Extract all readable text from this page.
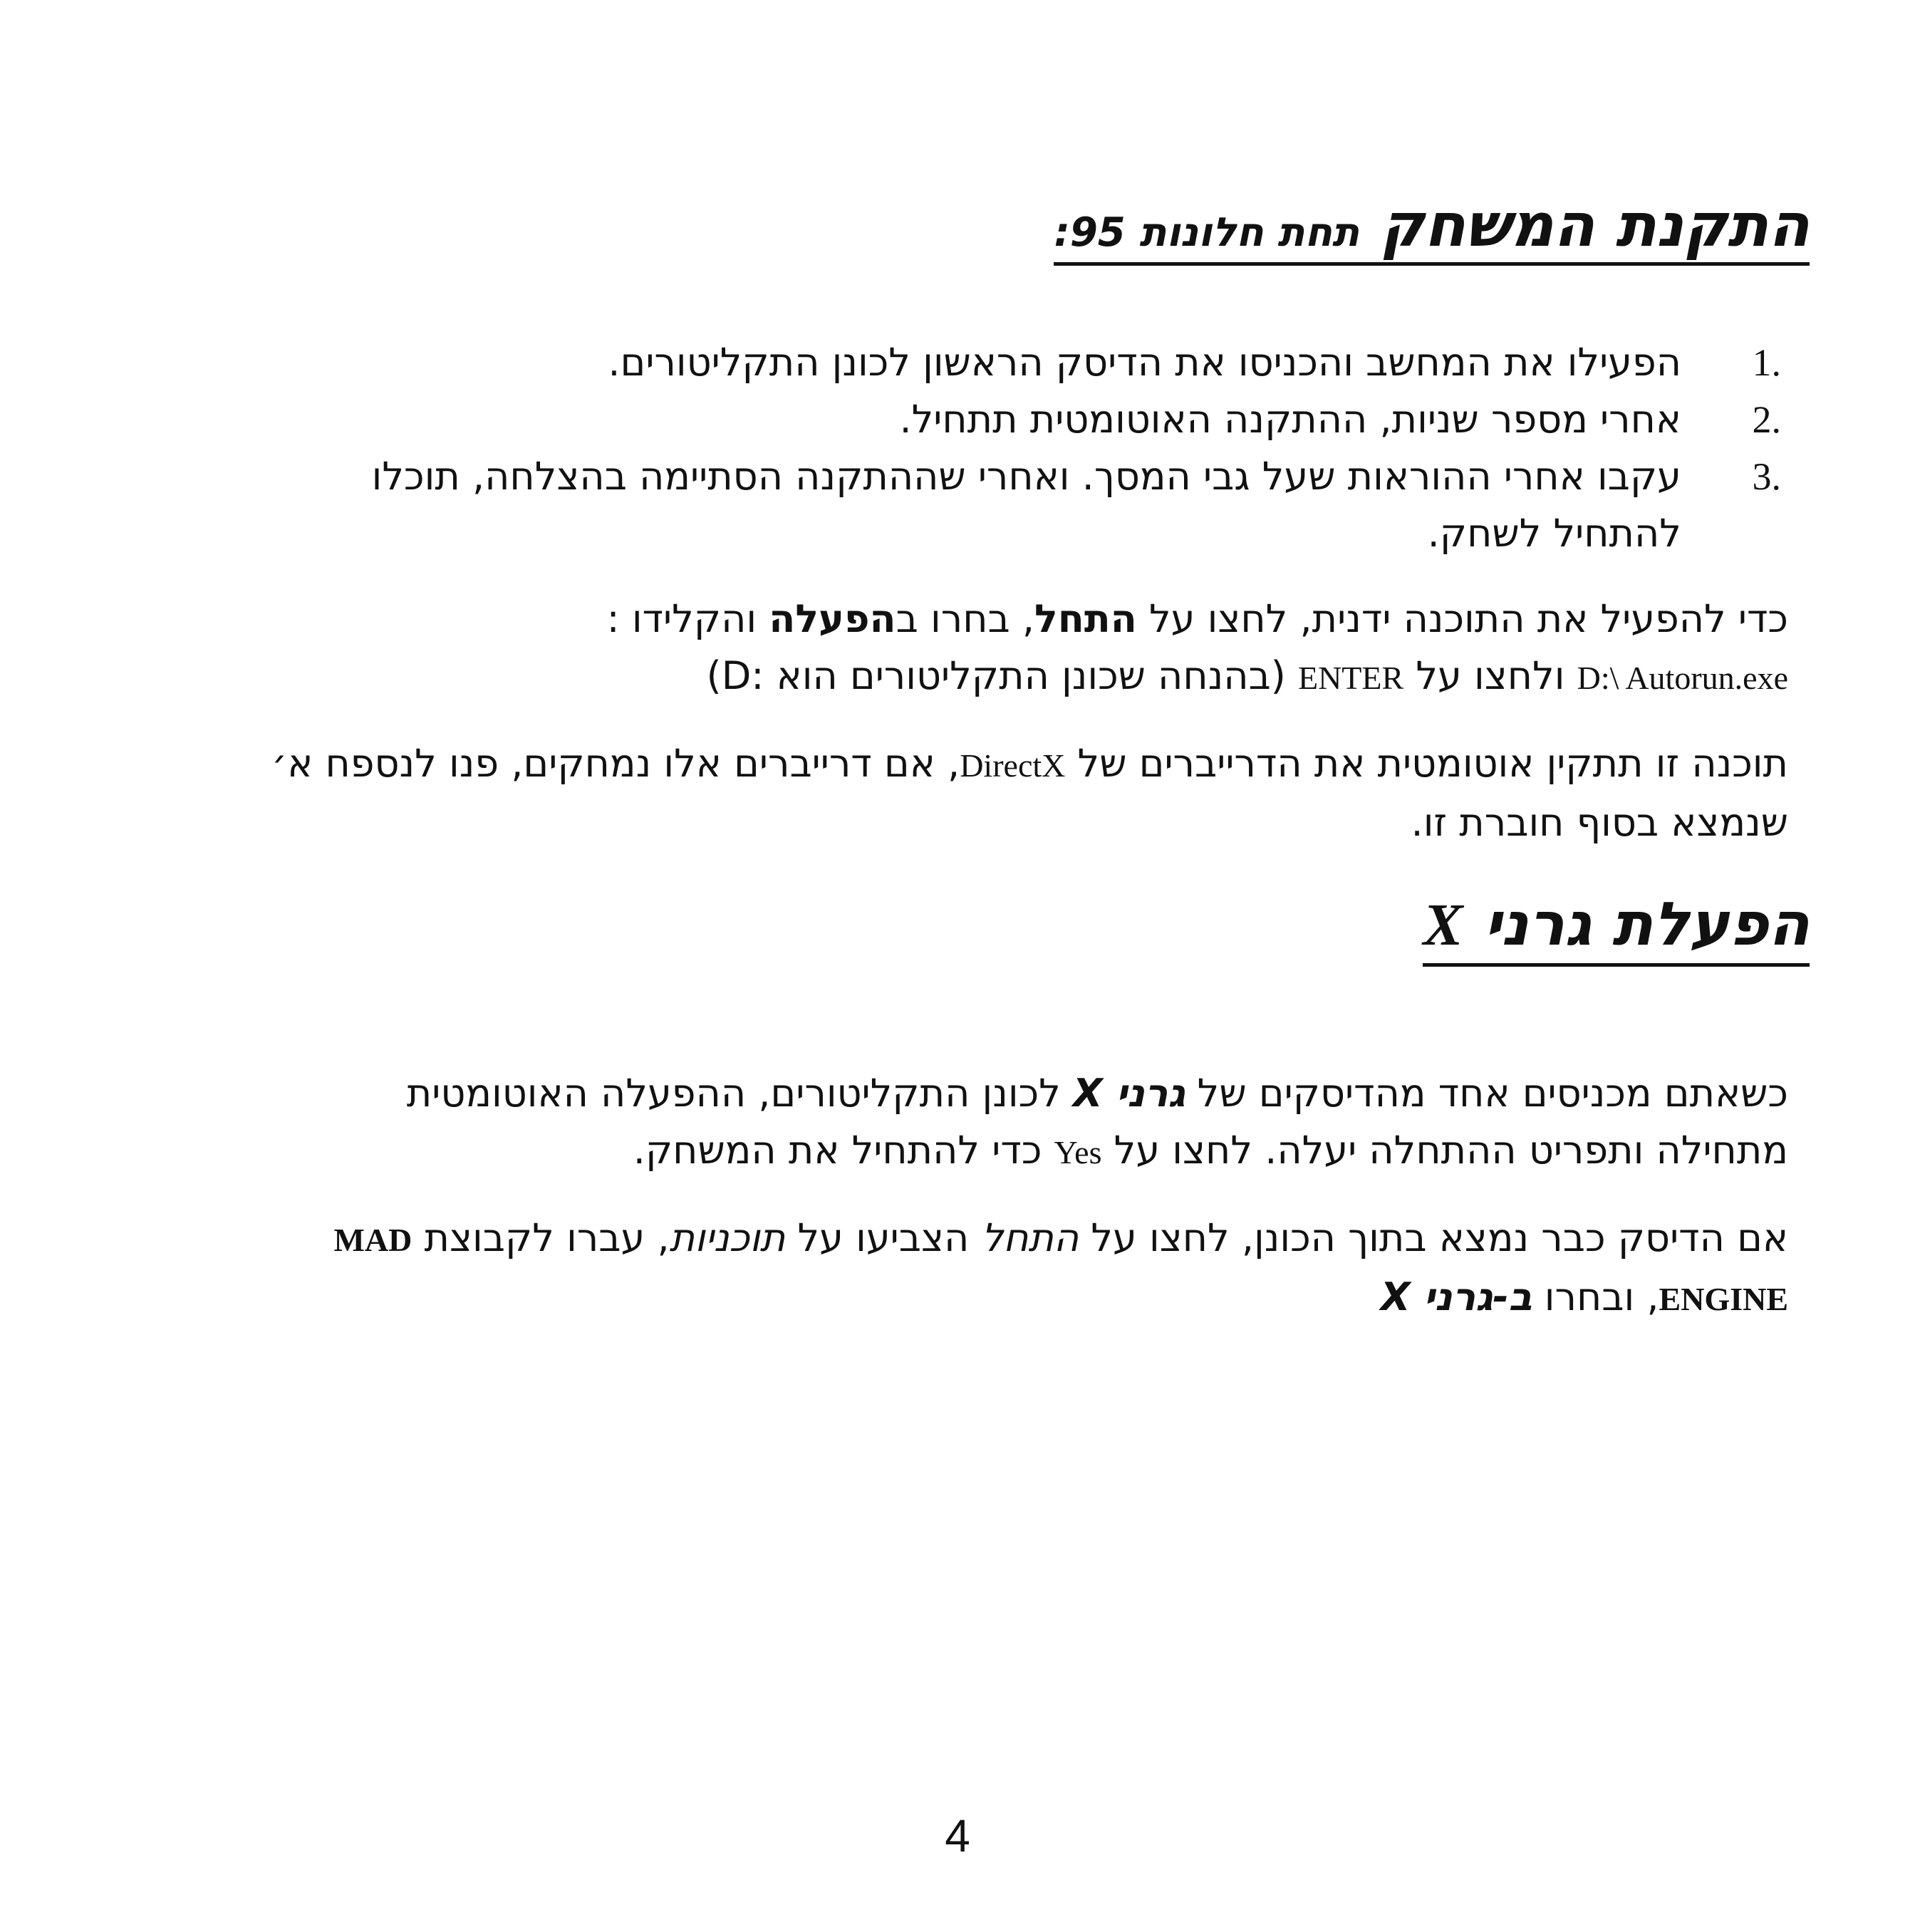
התקנת המשחק תחת חלונות 95:
1.
הפעילו את המחשב והכניסו את הדיסק הראשון לכונן התקליטורים.
2.
אחרי מספר שניות, ההתקנה האוטומטית תתחיל.
3.
עקבו אחרי ההוראות שעל גבי המסך. ואחרי שההתקנה הסתיימה בהצלחה, תוכלו להתחיל לשחק.

כדי להפעיל את התוכנה ידנית, לחצו על התחל, בחרו בהפעלה והקלידו :
D:\ Autorun.exe ולחצו על ENTER (בהנחה שכונן התקליטורים הוא :D)

תוכנה זו תתקין אוטומטית את הדרייברים של DirectX, אם דרייברים אלו נמחקים, פנו לנספח א׳ שנמצא בסוף חוברת זו.

הפעלת גרני X

כשאתם מכניסים אחד מהדיסקים של גרני X לכונן התקליטורים, ההפעלה האוטומטית מתחילה ותפריט ההתחלה יעלה. לחצו על Yes כדי להתחיל את המשחק.

אם הדיסק כבר נמצא בתוך הכונן, לחצו על התחל הצביעו על תוכניות, עברו לקבוצת MAD ENGINE, ובחרו ב-גרני X

4
